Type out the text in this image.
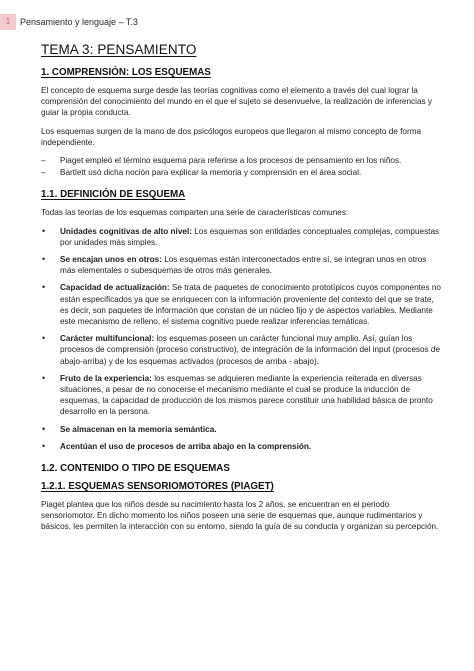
1	Pensamiento y lenguaje – T.3
TEMA 3: PENSAMIENTO
1. COMPRENSIÓN: LOS ESQUEMAS

El concepto de esquema surge desde las teorías cognitivas como el elemento a través del cual lograr la comprensión del conocimiento del mundo en el que el sujeto se desenvuelve, la realización de inferencias y guiar la propia conducta.

Los esquemas surgen de la mano de dos psicólogos europeos que llegaron al mismo concepto de forma independiente.

– Piaget empleó el término esquema para referirse a los procesos de pensamiento en los niños.
– Bartlett usó dicha noción para explicar la memoria y comprensión en el área social.
1.1. DEFINICIÓN DE ESQUEMA

Todas las teorías de los esquemas comparten una serie de características comunes:

• Unidades cognitivas de alto nivel: Los esquemas son entidades conceptuales complejas, compuestas por unidades más simples.
• Se encajan unos en otros: Los esquemas están interconectados entre sí, se integran unos en otros más elementales o subesquemas de otros más generales.
• Capacidad de actualización: Se trata de paquetes de conocimiento prototípicos cuyos componentes no están especificados ya que se enriquecen con la información proveniente del contexto del que se trate, es decir, son paquetes de información que constan de un núcleo fijo y de aspectos variables. Mediante este mecanismo de relleno, el sistema cognitivo puede realizar inferencias temáticas.
• Carácter multifuncional: los esquemas poseen un carácter funcional muy amplio. Así, guían los procesos de comprensión (proceso constructivo), de integración de la información del input (procesos de abajo-arriba) y de los esquemas activados (procesos de arriba - abajo).
• Fruto de la experiencia: los esquemas se adquieren mediante la experiencia reiterada en diversas situaciones, a pesar de no conocerse el mecanismo mediante el cual se produce la inducción de esquemas, la capacidad de producción de los mismos parece constituir una habilidad básica de pronto desarrollo en la persona.
• Se almacenan en la memoria semántica.
• Acentúan el uso de procesos de arriba abajo en la comprensión.
1.2. CONTENIDO O TIPO DE ESQUEMAS
1.2.1. ESQUEMAS SENSORIOMOTORES (PIAGET)

Piaget plantea que los niños desde su nacimiento hasta los 2 años, se encuentran en el periodo sensoriomotor. En dicho momento los niños poseen una serie de esquemas que, aunque rudimentarios y básicos, les permiten la interacción con su entorno, siendo la guía de su conducta y organizan su percepción.
